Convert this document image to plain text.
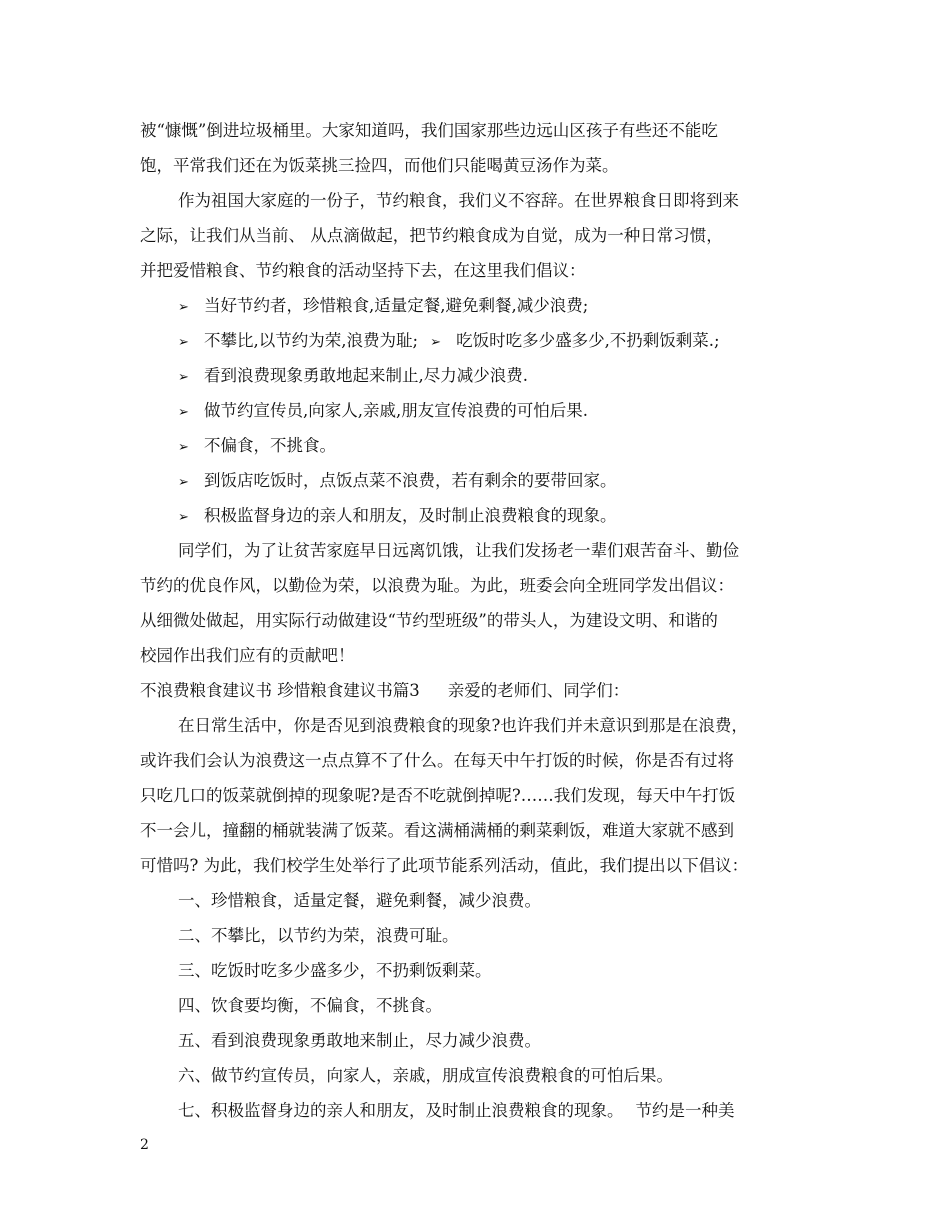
被“慷慨”倒进垃圾桶里。大家知道吗，我们国家那些边远山区孩子有些还不能吃
饱，平常我们还在为饭菜挑三捡四，而他们只能喝黄豆汤作为菜。
作为祖国大家庭的一份子，节约粮食，我们义不容辞。在世界粮食日即将到来
之际，让我们从当前、 从点滴做起，把节约粮食成为自觉，成为一种日常习惯，
并把爱惜粮食、节约粮食的活动坚持下去，在这里我们倡议：
➢ 当好节约者，珍惜粮食,适量定餐,避免剩餐,减少浪费;
➢ 不攀比,以节约为荣,浪费为耻; ➢ 吃饭时吃多少盛多少,不扔剩饭剩菜.;
➢ 看到浪费现象勇敢地起来制止,尽力减少浪费.
➢ 做节约宣传员,向家人,亲戚,朋友宣传浪费的可怕后果.
➢ 不偏食，不挑食。
➢ 到饭店吃饭时，点饭点菜不浪费，若有剩余的要带回家。
➢ 积极监督身边的亲人和朋友，及时制止浪费粮食的现象。
同学们，为了让贫苦家庭早日远离饥饿，让我们发扬老一辈们艰苦奋斗、勤俭
节约的优良作风，以勤俭为荣，以浪费为耻。为此，班委会向全班同学发出倡议：
从细微处做起，用实际行动做建设“节约型班级”的带头人，为建设文明、和谐的
校园作出我们应有的贡献吧！
不浪费粮食建议书 珍惜粮食建议书篇3 亲爱的老师们、同学们：
在日常生活中，你是否见到浪费粮食的现象?也许我们并未意识到那是在浪费，
或许我们会认为浪费这一点点算不了什么。在每天中午打饭的时候，你是否有过将
只吃几口的饭菜就倒掉的现象呢?是否不吃就倒掉呢?……我们发现，每天中午打饭
不一会儿，撞翻的桶就装满了饭菜。看这满桶满桶的剩菜剩饭，难道大家就不感到
可惜吗? 为此，我们校学生处举行了此项节能系列活动，值此，我们提出以下倡议：
一、珍惜粮食，适量定餐，避免剩餐，减少浪费。
二、不攀比，以节约为荣，浪费可耻。
三、吃饭时吃多少盛多少，不扔剩饭剩菜。
四、饮食要均衡，不偏食，不挑食。
五、看到浪费现象勇敢地来制止，尽力减少浪费。
六、做节约宣传员，向家人，亲戚，朋成宣传浪费粮食的可怕后果。
七、积极监督身边的亲人和朋友，及时制止浪费粮食的现象。 节约是一种美
2
